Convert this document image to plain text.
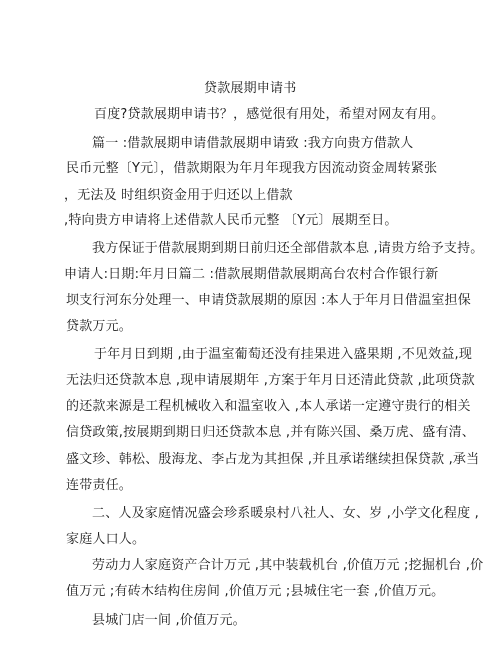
贷款展期申请书
百度?贷款展期申请书？，感觉很有用处，希望对网友有用。
篇一 :借款展期申请借款展期申请致 :我方向贵方借款人
民币元整〔Y元〕，借款期限为年月年现我方因流动资金周转紧张
，无法及 时组织资金用于归还以上借款
,特向贵方申请将上述借款人民币元整 〔Y元〕展期至日。
我方保证于借款展期到期日前归还全部借款本息 ,请贵方给予支持。
申请人:日期:年月日篇二 :借款展期借款展期高台农村合作银行新
坝支行河东分处理一、申请贷款展期的原因 :本人于年月日借温室担保
贷款万元。
于年月日到期 ,由于温室葡萄还没有挂果进入盛果期 ,不见效益,现
无法归还贷款本息 ,现申请展期年 ,方案于年月日还清此贷款 ,此项贷款
的还款来源是工程机械收入和温室收入 ,本人承诺一定遵守贵行的相关
信贷政策,按展期到期日归还贷款本息 ,并有陈兴国、桑万虎、盛有清、
盛文珍、韩松、殷海龙、李占龙为其担保 ,并且承诺继续担保贷款 ,承当
连带责任。
二、人及家庭情况盛会珍系暖泉村八社人、女、岁 ,小学文化程度 ,
家庭人口人。
劳动力人家庭资产合计万元 ,其中装载机台 ,价值万元 ;挖掘机台 ,价
值万元 ;有砖木结构住房间 ,价值万元 ;县城住宅一套 ,价值万元。
县城门店一间 ,价值万元。
